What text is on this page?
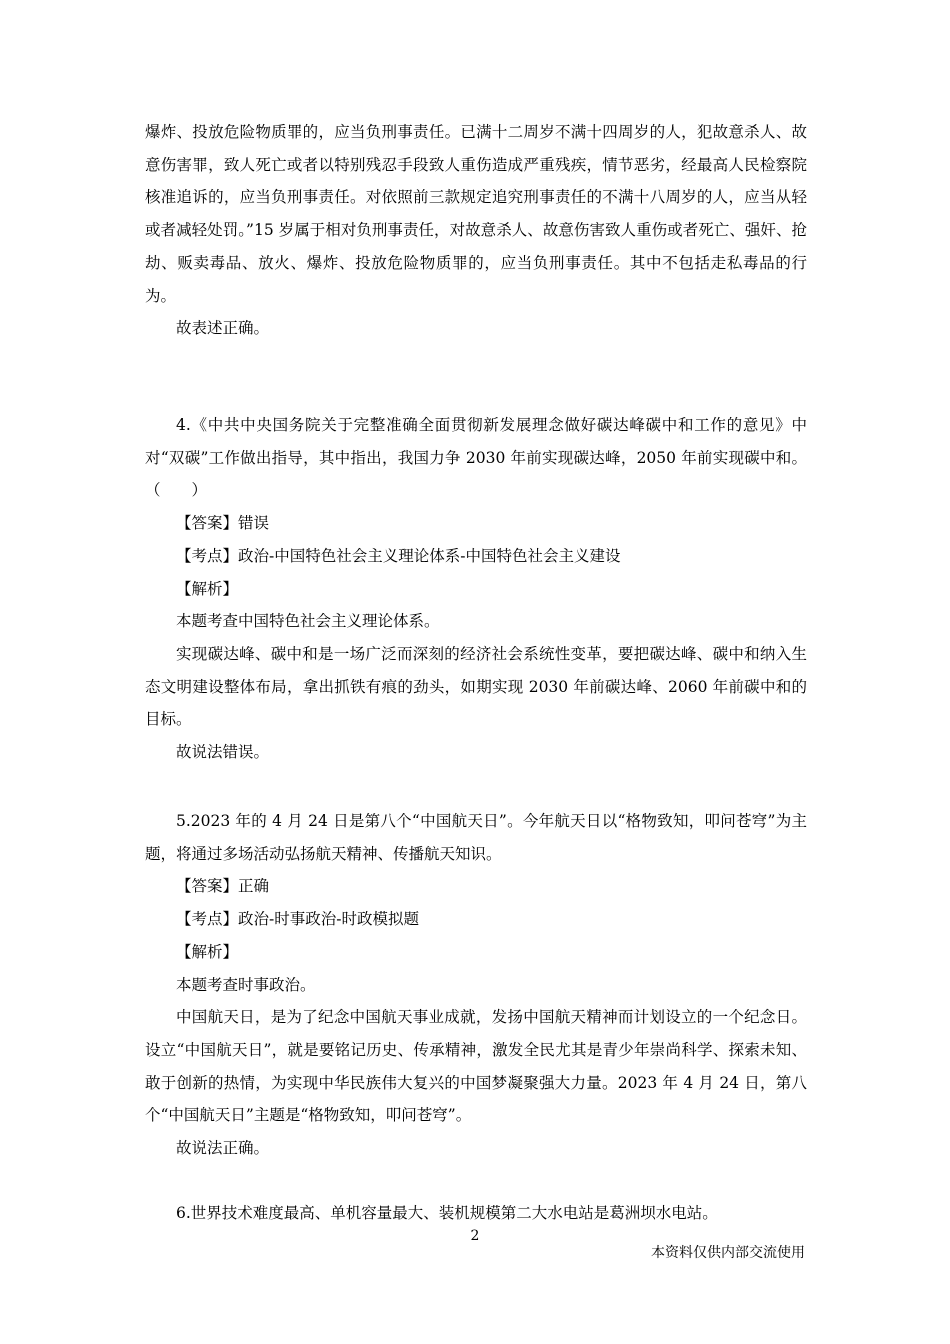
爆炸、投放危险物质罪的，应当负刑事责任。已满十二周岁不满十四周岁的人，犯故意杀人、故意伤害罪，致人死亡或者以特别残忍手段致人重伤造成严重残疾，情节恶劣，经最高人民检察院核准追诉的，应当负刑事责任。对依照前三款规定追究刑事责任的不满十八周岁的人，应当从轻或者减轻处罚。”15 岁属于相对负刑事责任，对故意杀人、故意伤害致人重伤或者死亡、强奸、抢劫、贩卖毒品、放火、爆炸、投放危险物质罪的，应当负刑事责任。其中不包括走私毒品的行为。

故表述正确。

4.《中共中央国务院关于完整准确全面贯彻新发展理念做好碳达峰碳中和工作的意见》中对“双碳”工作做出指导，其中指出，我国力争 2030 年前实现碳达峰，2050 年前实现碳中和。（　　）

【答案】错误

【考点】政治-中国特色社会主义理论体系-中国特色社会主义建设

【解析】

本题考查中国特色社会主义理论体系。

实现碳达峰、碳中和是一场广泛而深刻的经济社会系统性变革，要把碳达峰、碳中和纳入生态文明建设整体布局，拿出抓铁有痕的劲头，如期实现 2030 年前碳达峰、2060 年前碳中和的目标。

故说法错误。

5.2023 年的 4 月 24 日是第八个“中国航天日”。今年航天日以“格物致知，叩问苍穹”为主题，将通过多场活动弘扬航天精神、传播航天知识。

【答案】正确

【考点】政治-时事政治-时政模拟题

【解析】

本题考查时事政治。

中国航天日，是为了纪念中国航天事业成就，发扬中国航天精神而计划设立的一个纪念日。设立“中国航天日”，就是要铭记历史、传承精神，激发全民尤其是青少年崇尚科学、探索未知、敢于创新的热情，为实现中华民族伟大复兴的中国梦凝聚强大力量。2023 年 4 月 24 日，第八个“中国航天日”主题是“格物致知，叩问苍穹”。

故说法正确。

6.世界技术难度最高、单机容量最大、装机规模第二大水电站是葛洲坝水电站。

2
本资料仅供内部交流使用
